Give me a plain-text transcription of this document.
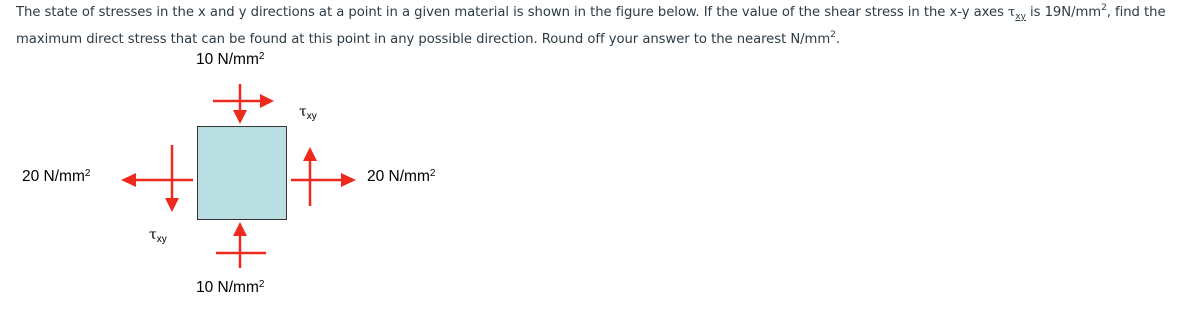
The state of stresses in the x and y directions at a point in a given material is shown in the figure below. If the value of the shear stress in the x-y axes $\tau_{xy}$ is $19N/mm^2$, find the

maximum direct stress that can be found at this point in any possible direction. Round off your answer to the nearest $N/mm^2$.

10 $N/mm^2$
10 $N/mm^2$
20 $N/mm^2$	20 $N/mm^2$
$\tau_{xy}$
$\tau_{xy}$
